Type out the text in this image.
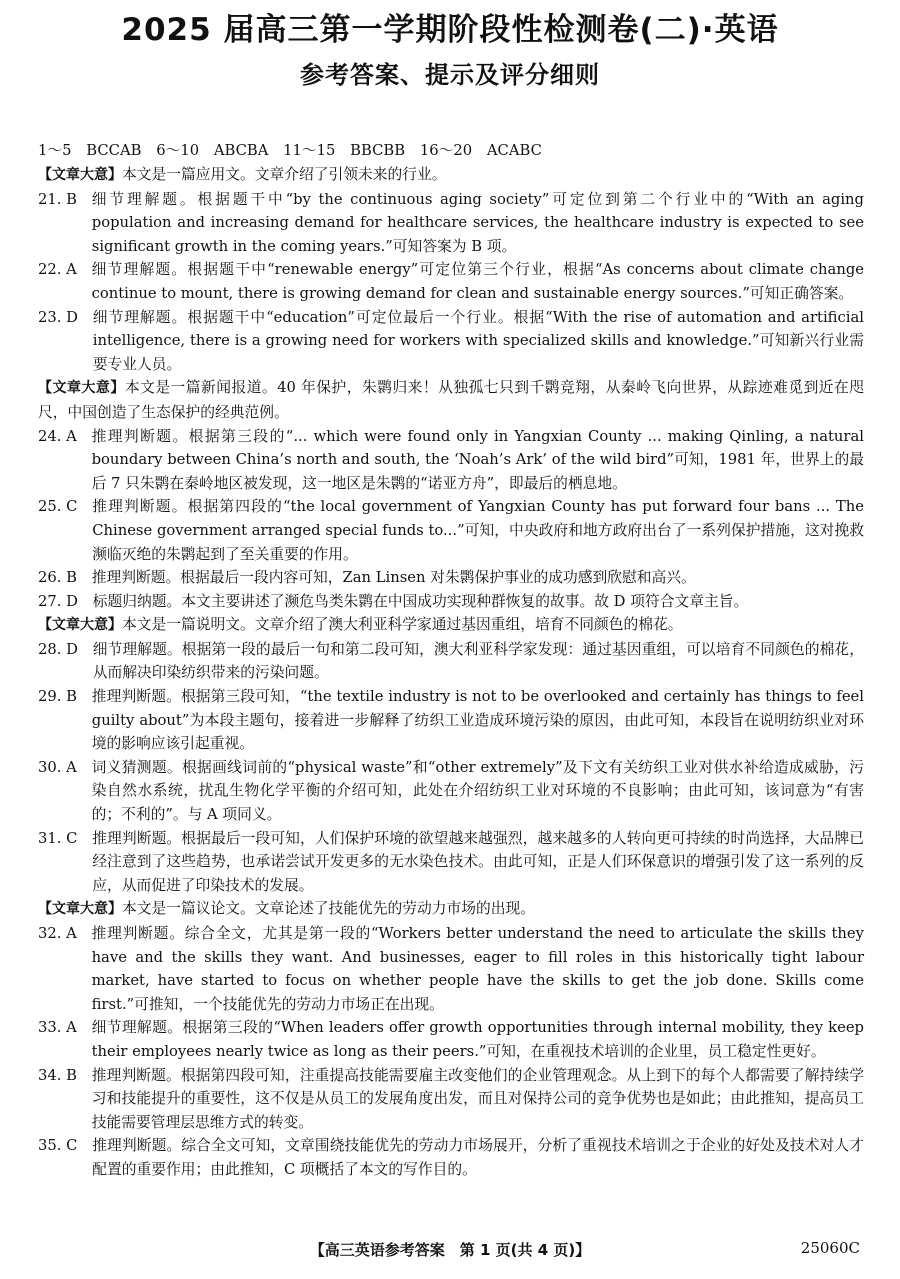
2025 届高三第一学期阶段性检测卷(二)·英语
参考答案、提示及评分细则
1～5　BCCAB　6～10　ABCBA　11～15　BBCBB　16～20　ACABC
【文章大意】本文是一篇应用文。文章介绍了引领未来的行业。
21. B　 细节理解题。根据题干中“by the continuous aging society”可定位到第二个行业中的“With an aging population and increasing demand for healthcare services, the healthcare industry is expected to see significant growth in the coming years.”可知答案为 B 项。
22. A　 细节理解题。根据题干中“renewable energy”可定位第三个行业，根据“As concerns about climate change continue to mount, there is growing demand for clean and sustainable energy sources.”可知正确答案。
23. D　 细节理解题。根据题干中“education”可定位最后一个行业。根据“With the rise of automation and artificial intelligence, there is a growing need for workers with specialized skills and knowledge.”可知新兴行业需要专业人员。
【文章大意】本文是一篇新闻报道。40 年保护，朱鹮归来！从独孤七只到千鹮竞翔，从秦岭飞向世界，从踪迹难觅到近在咫尺，中国创造了生态保护的经典范例。
24. A　 推理判断题。根据第三段的“... which were found only in Yangxian County ... making Qinling, a natural boundary between China’s north and south, the ‘Noah’s Ark’ of the wild bird”可知，1981 年，世界上的最后 7 只朱鹮在秦岭地区被发现，这一地区是朱鹮的“诺亚方舟”，即最后的栖息地。
25. C　 推理判断题。根据第四段的“the local government of Yangxian County has put forward four bans ... The Chinese government arranged special funds to...”可知，中央政府和地方政府出台了一系列保护措施，这对挽救濒临灭绝的朱鹮起到了至关重要的作用。
26. B　 推理判断题。根据最后一段内容可知，Zan Linsen 对朱鹮保护事业的成功感到欣慰和高兴。
27. D　 标题归纳题。本文主要讲述了濒危鸟类朱鹮在中国成功实现种群恢复的故事。故 D 项符合文章主旨。
【文章大意】本文是一篇说明文。文章介绍了澳大利亚科学家通过基因重组，培育不同颜色的棉花。
28. D　 细节理解题。根据第一段的最后一句和第二段可知，澳大利亚科学家发现：通过基因重组，可以培育不同颜色的棉花，从而解决印染纺织带来的污染问题。
29. B　 推理判断题。根据第三段可知，“the textile industry is not to be overlooked and certainly has things to feel guilty about”为本段主题句，接着进一步解释了纺织工业造成环境污染的原因，由此可知，本段旨在说明纺织业对环境的影响应该引起重视。
30. A　 词义猜测题。根据画线词前的“physical waste”和“other extremely”及下文有关纺织工业对供水补给造成威胁，污染自然水系统，扰乱生物化学平衡的介绍可知，此处在介绍纺织工业对环境的不良影响；由此可知，该词意为“有害的；不利的”。与 A 项同义。
31. C　 推理判断题。根据最后一段可知，人们保护环境的欲望越来越强烈，越来越多的人转向更可持续的时尚选择，大品牌已经注意到了这些趋势，也承诺尝试开发更多的无水染色技术。由此可知，正是人们环保意识的增强引发了这一系列的反应，从而促进了印染技术的发展。
【文章大意】本文是一篇议论文。文章论述了技能优先的劳动力市场的出现。
32. A　 推理判断题。综合全文，尤其是第一段的“Workers better understand the need to articulate the skills they have and the skills they want. And businesses, eager to fill roles in this historically tight labour market, have started to focus on whether people have the skills to get the job done. Skills come first.”可推知，一个技能优先的劳动力市场正在出现。
33. A　 细节理解题。根据第三段的“When leaders offer growth opportunities through internal mobility, they keep their employees nearly twice as long as their peers.”可知，在重视技术培训的企业里，员工稳定性更好。
34. B　 推理判断题。根据第四段可知，注重提高技能需要雇主改变他们的企业管理观念。从上到下的每个人都需要了解持续学习和技能提升的重要性，这不仅是从员工的发展角度出发，而且对保持公司的竞争优势也是如此；由此推知，提高员工技能需要管理层思维方式的转变。
35. C　 推理判断题。综合全文可知，文章围绕技能优先的劳动力市场展开，分析了重视技术培训之于企业的好处及技术对人才配置的重要作用；由此推知，C 项概括了本文的写作目的。
【高三英语参考答案　第 1 页(共 4 页)】	25060C
